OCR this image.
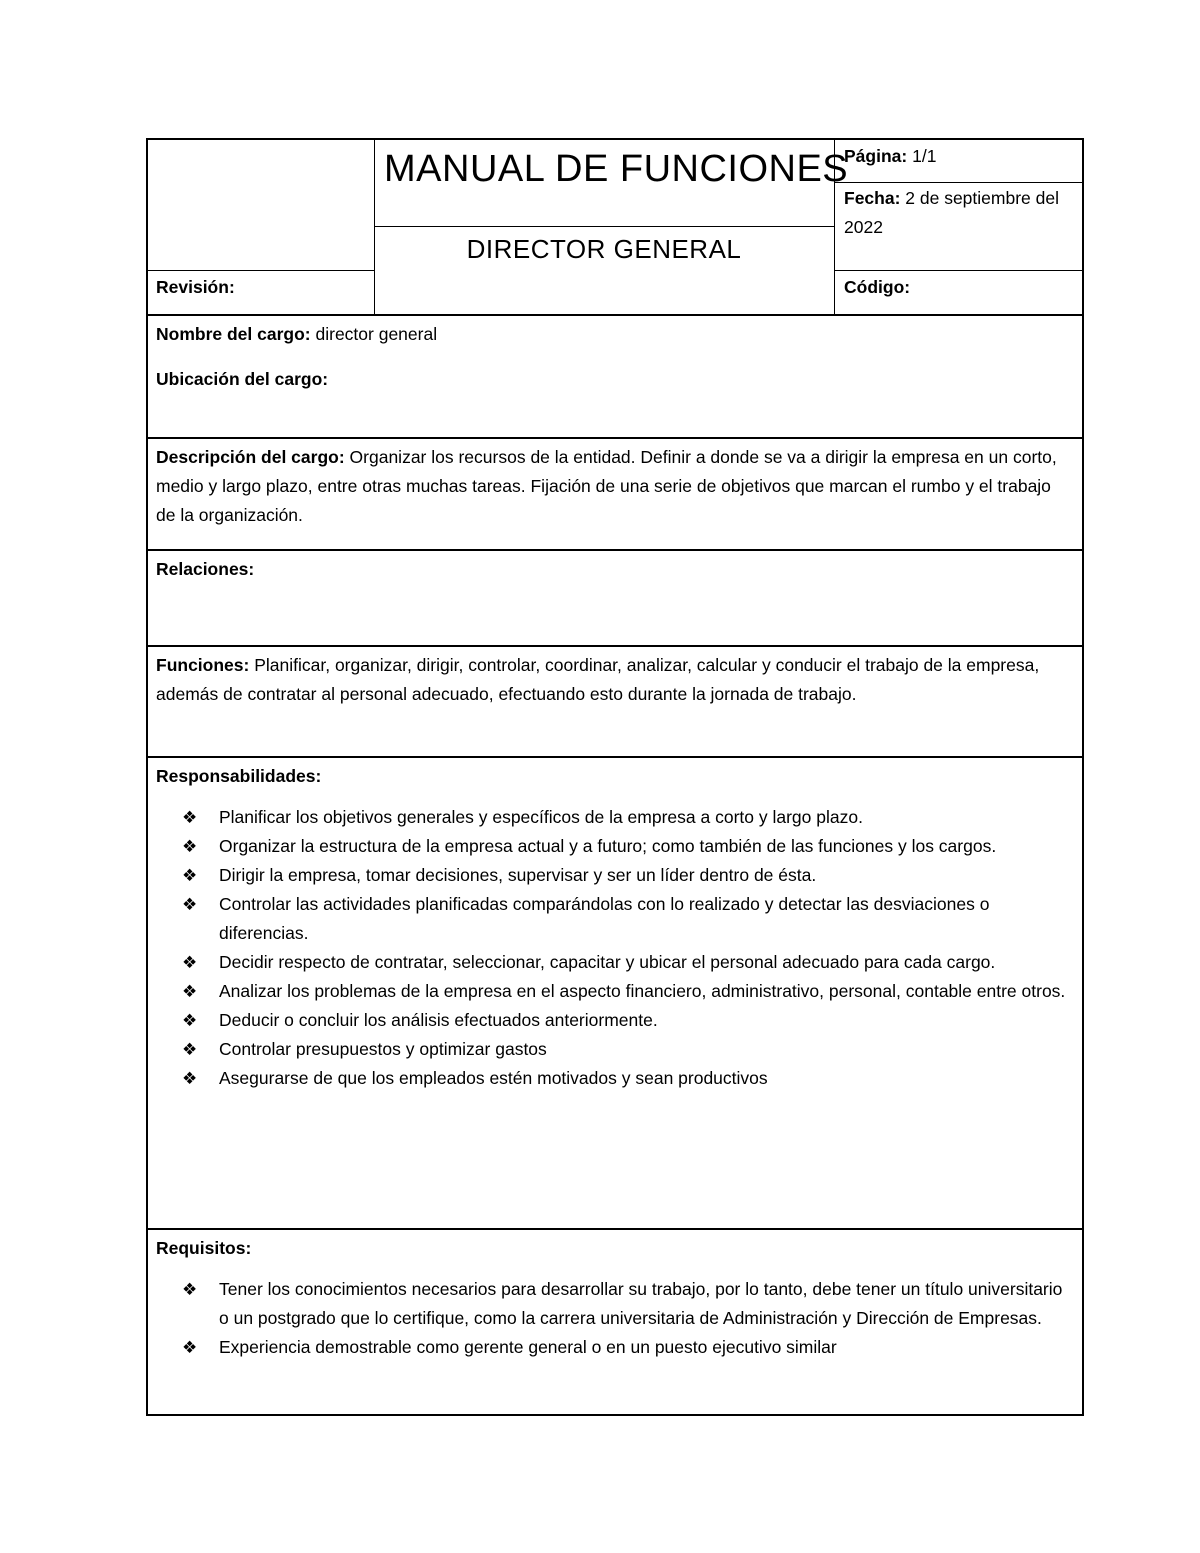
MANUAL DE FUNCIONES
DIRECTOR GENERAL
Revisión:
Página: 1/1
Fecha: 2 de septiembre del 2022
Código:
Nombre del cargo: director general
Ubicación del cargo:
Descripción del cargo: Organizar los recursos de la entidad. Definir a donde se va a dirigir la empresa en un corto, medio y largo plazo, entre otras muchas tareas. Fijación de una serie de objetivos que marcan el rumbo y el trabajo de la organización.
Relaciones:
Funciones: Planificar, organizar, dirigir, controlar, coordinar, analizar, calcular y conducir el trabajo de la empresa, además de contratar al personal adecuado, efectuando esto durante la jornada de trabajo.
Responsabilidades:
❖ Planificar los objetivos generales y específicos de la empresa a corto y largo plazo.
❖ Organizar la estructura de la empresa actual y a futuro; como también de las funciones y los cargos.
❖ Dirigir la empresa, tomar decisiones, supervisar y ser un líder dentro de ésta.
❖ Controlar las actividades planificadas comparándolas con lo realizado y detectar las desviaciones o diferencias.
❖ Decidir respecto de contratar, seleccionar, capacitar y ubicar el personal adecuado para cada cargo.
❖ Analizar los problemas de la empresa en el aspecto financiero, administrativo, personal, contable entre otros.
❖ Deducir o concluir los análisis efectuados anteriormente.
❖ Controlar presupuestos y optimizar gastos
❖ Asegurarse de que los empleados estén motivados y sean productivos
Requisitos:
❖ Tener los conocimientos necesarios para desarrollar su trabajo, por lo tanto, debe tener un título universitario o un postgrado que lo certifique, como la carrera universitaria de Administración y Dirección de Empresas.
❖ Experiencia demostrable como gerente general o en un puesto ejecutivo similar
